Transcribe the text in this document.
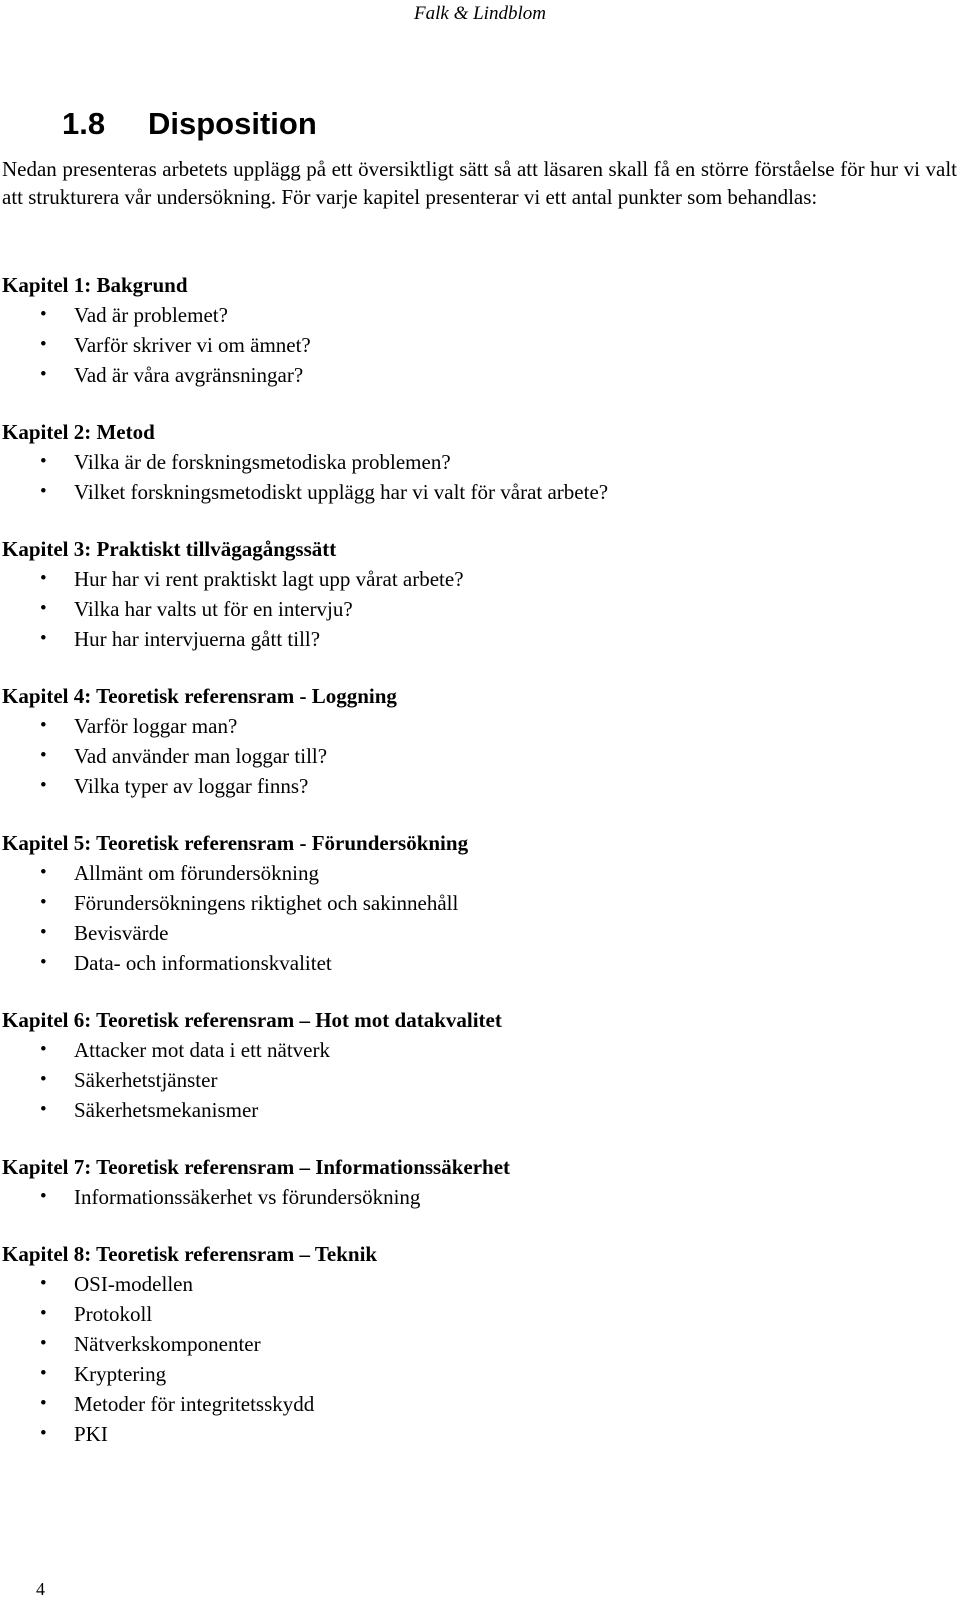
Falk & Lindblom
1.8 Disposition

Nedan presenteras arbetets upplägg på ett översiktligt sätt så att läsaren skall få en större förståelse för hur vi valt att strukturera vår undersökning. För varje kapitel presenterar vi ett antal punkter som behandlas:

Kapitel 1: Bakgrund
• Vad är problemet?
• Varför skriver vi om ämnet?
• Vad är våra avgränsningar?
Kapitel 2: Metod
• Vilka är de forskningsmetodiska problemen?
• Vilket forskningsmetodiskt upplägg har vi valt för vårat arbete?
Kapitel 3: Praktiskt tillvägagångssätt
• Hur har vi rent praktiskt lagt upp vårat arbete?
• Vilka har valts ut för en intervju?
• Hur har intervjuerna gått till?
Kapitel 4: Teoretisk referensram - Loggning
• Varför loggar man?
• Vad använder man loggar till?
• Vilka typer av loggar finns?
Kapitel 5: Teoretisk referensram - Förundersökning
• Allmänt om förundersökning
• Förundersökningens riktighet och sakinnehåll
• Bevisvärde
• Data- och informationskvalitet
Kapitel 6: Teoretisk referensram – Hot mot datakvalitet
• Attacker mot data i ett nätverk
• Säkerhetstjänster
• Säkerhetsmekanismer
Kapitel 7: Teoretisk referensram – Informationssäkerhet
• Informationssäkerhet vs förundersökning
Kapitel 8: Teoretisk referensram – Teknik
• OSI-modellen
• Protokoll
• Nätverkskomponenter
• Kryptering
• Metoder för integritetsskydd
• PKI
4
